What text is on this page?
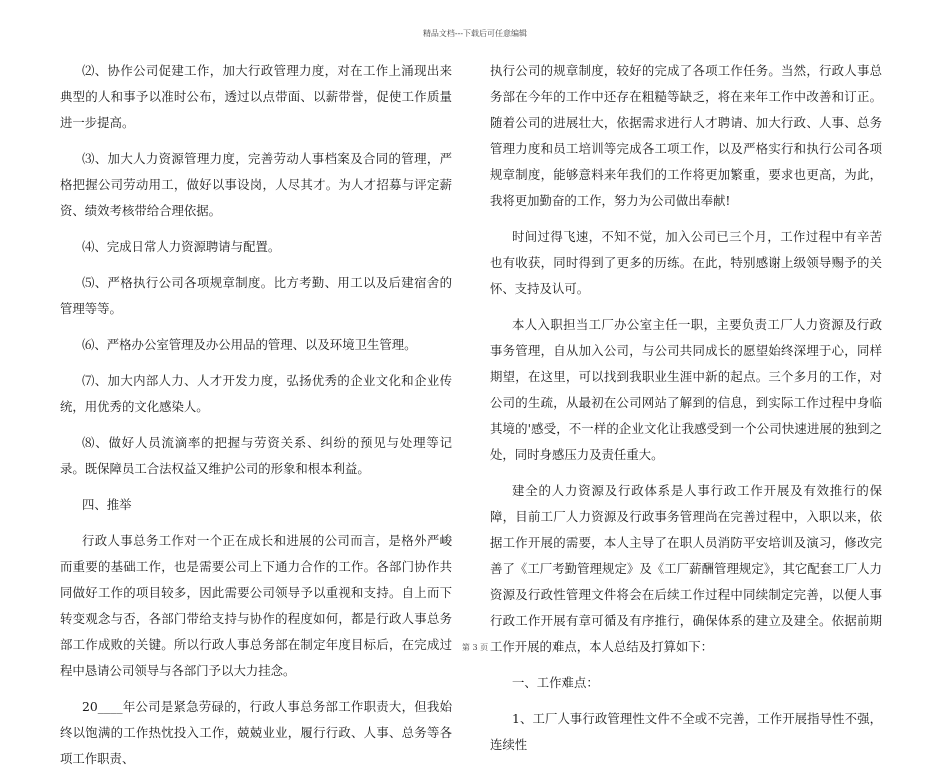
精品文档---下载后可任意编辑

⑵、协作公司促建工作，加大行政管理力度，对在工作上涌现出来典型的人和事予以准时公布，透过以点带面、以薪带誉，促使工作质量进一步提高。

⑶、加大人力资源管理力度，完善劳动人事档案及合同的管理，严格把握公司劳动用工，做好以事设岗，人尽其才。为人才招募与评定薪资、绩效考核带给合理依据。

⑷、完成日常人力资源聘请与配置。

⑸、严格执行公司各项规章制度。比方考勤、用工以及后建宿舍的管理等等。

⑹、严格办公室管理及办公用品的管理、以及环境卫生管理。

⑺、加大内部人力、人才开发力度，弘扬优秀的企业文化和企业传统，用优秀的文化感染人。

⑻、做好人员流滴率的把握与劳资关系、纠纷的预见与处理等记录。既保障员工合法权益又维护公司的形象和根本利益。

四、推举

行政人事总务工作对一个正在成长和进展的公司而言，是格外严峻而重要的基础工作，也是需要公司上下通力合作的工作。各部门协作共同做好工作的项目较多，因此需要公司领导予以重视和支持。自上而下转变观念与否，各部门带给支持与协作的程度如何，都是行政人事总务部工作成败的关键。所以行政人事总务部在制定年度目标后，在完成过程中恳请公司领导与各部门予以大力挂念。

20____年公司是紧急劳碌的，行政人事总务部工作职责大，但我始终以饱满的工作热忱投入工作，兢兢业业，履行行政、人事、总务等各项工作职责、

执行公司的规章制度，较好的完成了各项工作任务。当然，行政人事总务部在今年的工作中还存在粗糙等缺乏，将在来年工作中改善和订正。随着公司的进展壮大，依据需求进行人才聘请、加大行政、人事、总务管理力度和员工培训等完成各工项工作，以及严格实行和执行公司各项规章制度，能够意料来年我们的工作将更加繁重，要求也更高，为此，我将更加勤奋的工作，努力为公司做出奉献!

时间过得飞速，不知不觉，加入公司已三个月，工作过程中有辛苦也有收获，同时得到了更多的历练。在此，特别感谢上级领导赐予的关怀、支持及认可。

本人入职担当工厂办公室主任一职，主要负责工厂人力资源及行政事务管理，自从加入公司，与公司共同成长的愿望始终深埋于心，同样期望，在这里，可以找到我职业生涯中新的起点。三个多月的工作，对公司的生疏，从最初在公司网站了解到的信息，到实际工作过程中身临其境的'感受，不一样的企业文化让我感受到一个公司快速进展的独到之处，同时身感压力及责任重大。

建全的人力资源及行政体系是人事行政工作开展及有效推行的保障，目前工厂人力资源及行政事务管理尚在完善过程中，入职以来，依据工作开展的需要，本人主导了在职人员消防平安培训及演习，修改完善了《工厂考勤管理规定》及《工厂薪酬管理规定》，其它配套工厂人力资源及行政性管理文件将会在后续工作过程中同续制定完善，以便人事行政工作开展有章可循及有序推行，确保体系的建立及建全。依据前期工作开展的难点，本人总结及打算如下：

一、工作难点：

1、工厂人事行政管理性文件不全或不完善，工作开展指导性不强，连续性

第 3 页
